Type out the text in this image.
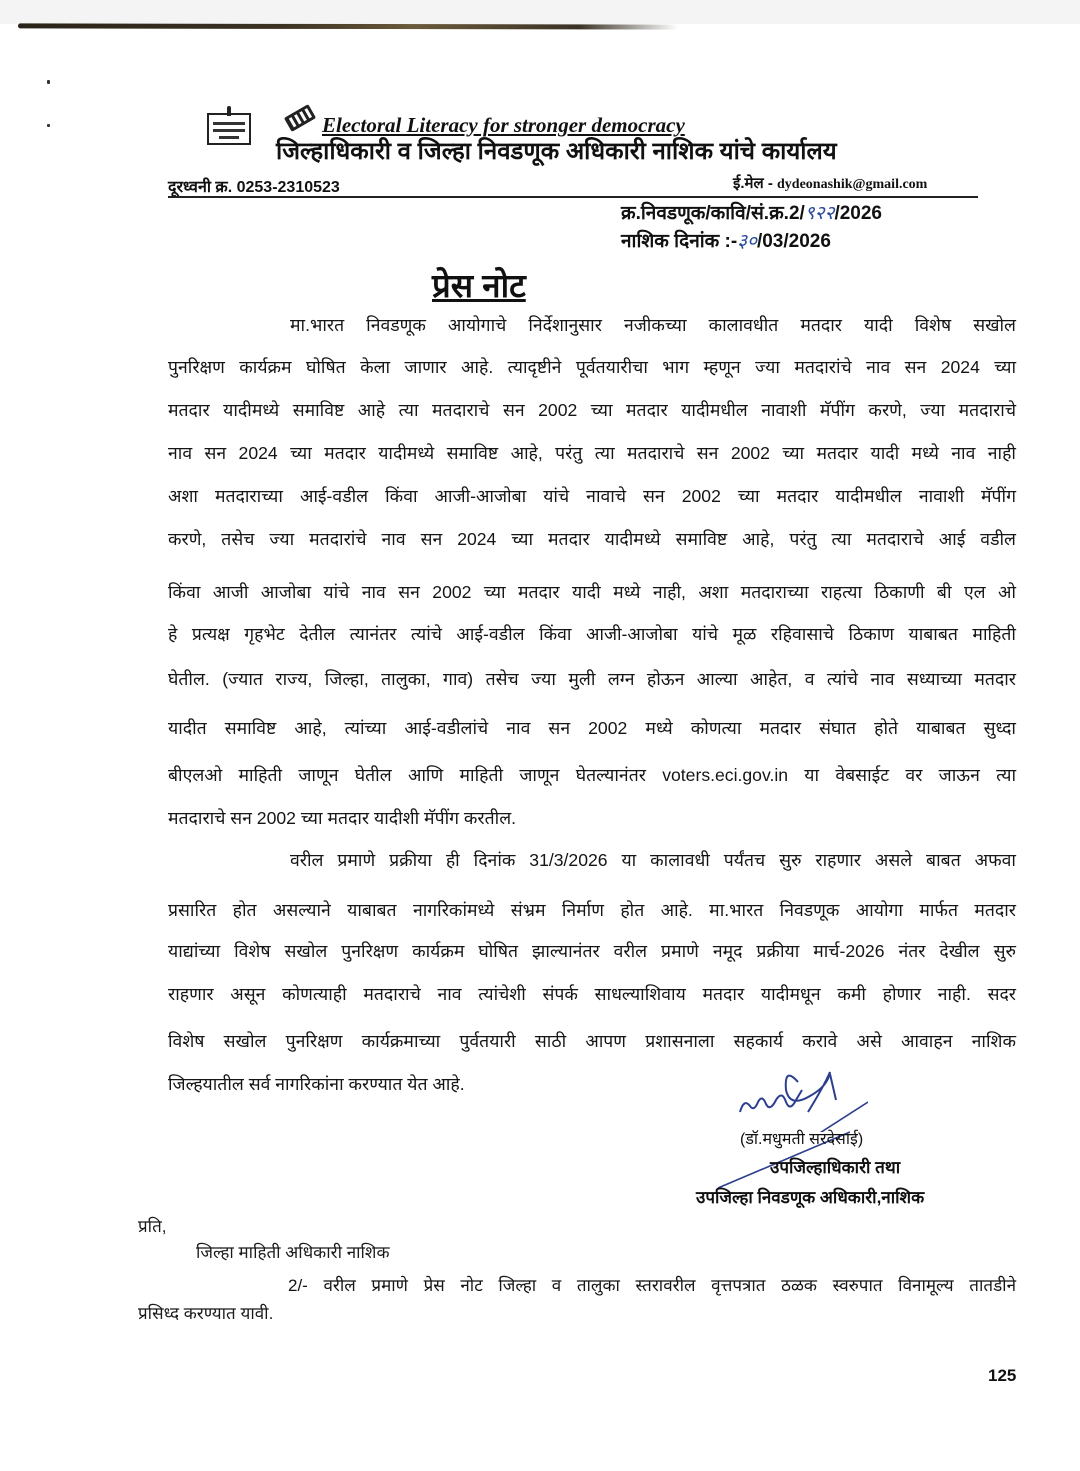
Electoral Literacy for stronger democracy
जिल्हाधिकारी व जिल्हा निवडणूक अधिकारी नाशिक यांचे कार्यालय
दूरध्वनी क्र. 0253-2310523	ई.मेल - dydeonashik@gmail.com
क्र.निवडणूक/कावि/सं.क्र.2/९२२/2026
नाशिक दिनांक :-३०/03/2026
प्रेस नोट
मा.भारत निवडणूक आयोगाचे निर्देशानुसार नजीकच्या कालावधीत मतदार यादी विशेष सखोल
पुनरिक्षण कार्यक्रम घोषित केला जाणार आहे. त्यादृष्टीने पूर्वतयारीचा भाग म्हणून ज्या मतदारांचे नाव सन 2024 च्या
मतदार यादीमध्ये समाविष्ट आहे त्या मतदाराचे सन 2002 च्या मतदार यादीमधील नावाशी मॅपींग करणे, ज्या मतदाराचे
नाव सन 2024 च्या मतदार यादीमध्ये समाविष्ट आहे, परंतु त्या मतदाराचे सन 2002 च्या मतदार यादी मध्ये नाव नाही
अशा मतदाराच्या आई-वडील किंवा आजी-आजोबा यांचे नावाचे सन 2002 च्या मतदार यादीमधील नावाशी मॅपींग
करणे, तसेच ज्या मतदारांचे नाव सन 2024 च्या मतदार यादीमध्ये समाविष्ट आहे, परंतु त्या मतदाराचे आई वडील
किंवा आजी आजोबा यांचे नाव सन 2002 च्या मतदार यादी मध्ये नाही, अशा मतदाराच्या राहत्या ठिकाणी बी एल ओ
हे प्रत्यक्ष गृहभेट देतील त्यानंतर त्यांचे आई-वडील किंवा आजी-आजोबा यांचे मूळ रहिवासाचे ठिकाण याबाबत माहिती
घेतील. (ज्यात राज्य, जिल्हा, तालुका, गाव) तसेच ज्या मुली लग्न होऊन आल्या आहेत, व त्यांचे नाव सध्याच्या मतदार
यादीत समाविष्ट आहे, त्यांच्या आई-वडीलांचे नाव सन 2002 मध्ये कोणत्या मतदार संघात होते याबाबत सुध्दा
बीएलओ माहिती जाणून घेतील आणि माहिती जाणून घेतल्यानंतर voters.eci.gov.in या वेबसाईट वर जाऊन त्या
मतदाराचे सन 2002 च्या मतदार यादीशी मॅपींग करतील.
वरील प्रमाणे प्रक्रीया ही दिनांक 31/3/2026 या कालावधी पर्यंतच सुरु राहणार असले बाबत अफवा
प्रसारित होत असल्याने याबाबत नागरिकांमध्ये संभ्रम निर्माण होत आहे. मा.भारत निवडणूक आयोगा मार्फत मतदार
याद्यांच्या विशेष सखोल पुनरिक्षण कार्यक्रम घोषित झाल्यानंतर वरील प्रमाणे नमूद प्रक्रीया मार्च-2026 नंतर देखील सुरु
राहणार असून कोणत्याही मतदाराचे नाव त्यांचेशी संपर्क साधल्याशिवाय मतदार यादीमधून कमी होणार नाही. सदर
विशेष सखोल पुनरिक्षण कार्यक्रमाच्या पुर्वतयारी साठी आपण प्रशासनाला सहकार्य करावे असे आवाहन नाशिक
जिल्हयातील सर्व नागरिकांना करण्यात येत आहे.
(डॉ.मधुमती सरदेसाई)
उपजिल्हाधिकारी तथा
उपजिल्हा निवडणूक अधिकारी,नाशिक
प्रति,
जिल्हा माहिती अधिकारी नाशिक
2/- वरील प्रमाणे प्रेस नोट जिल्हा व तालुका स्तरावरील वृत्तपत्रात ठळक स्वरुपात विनामूल्य तातडीने
प्रसिध्द करण्यात यावी.
125
